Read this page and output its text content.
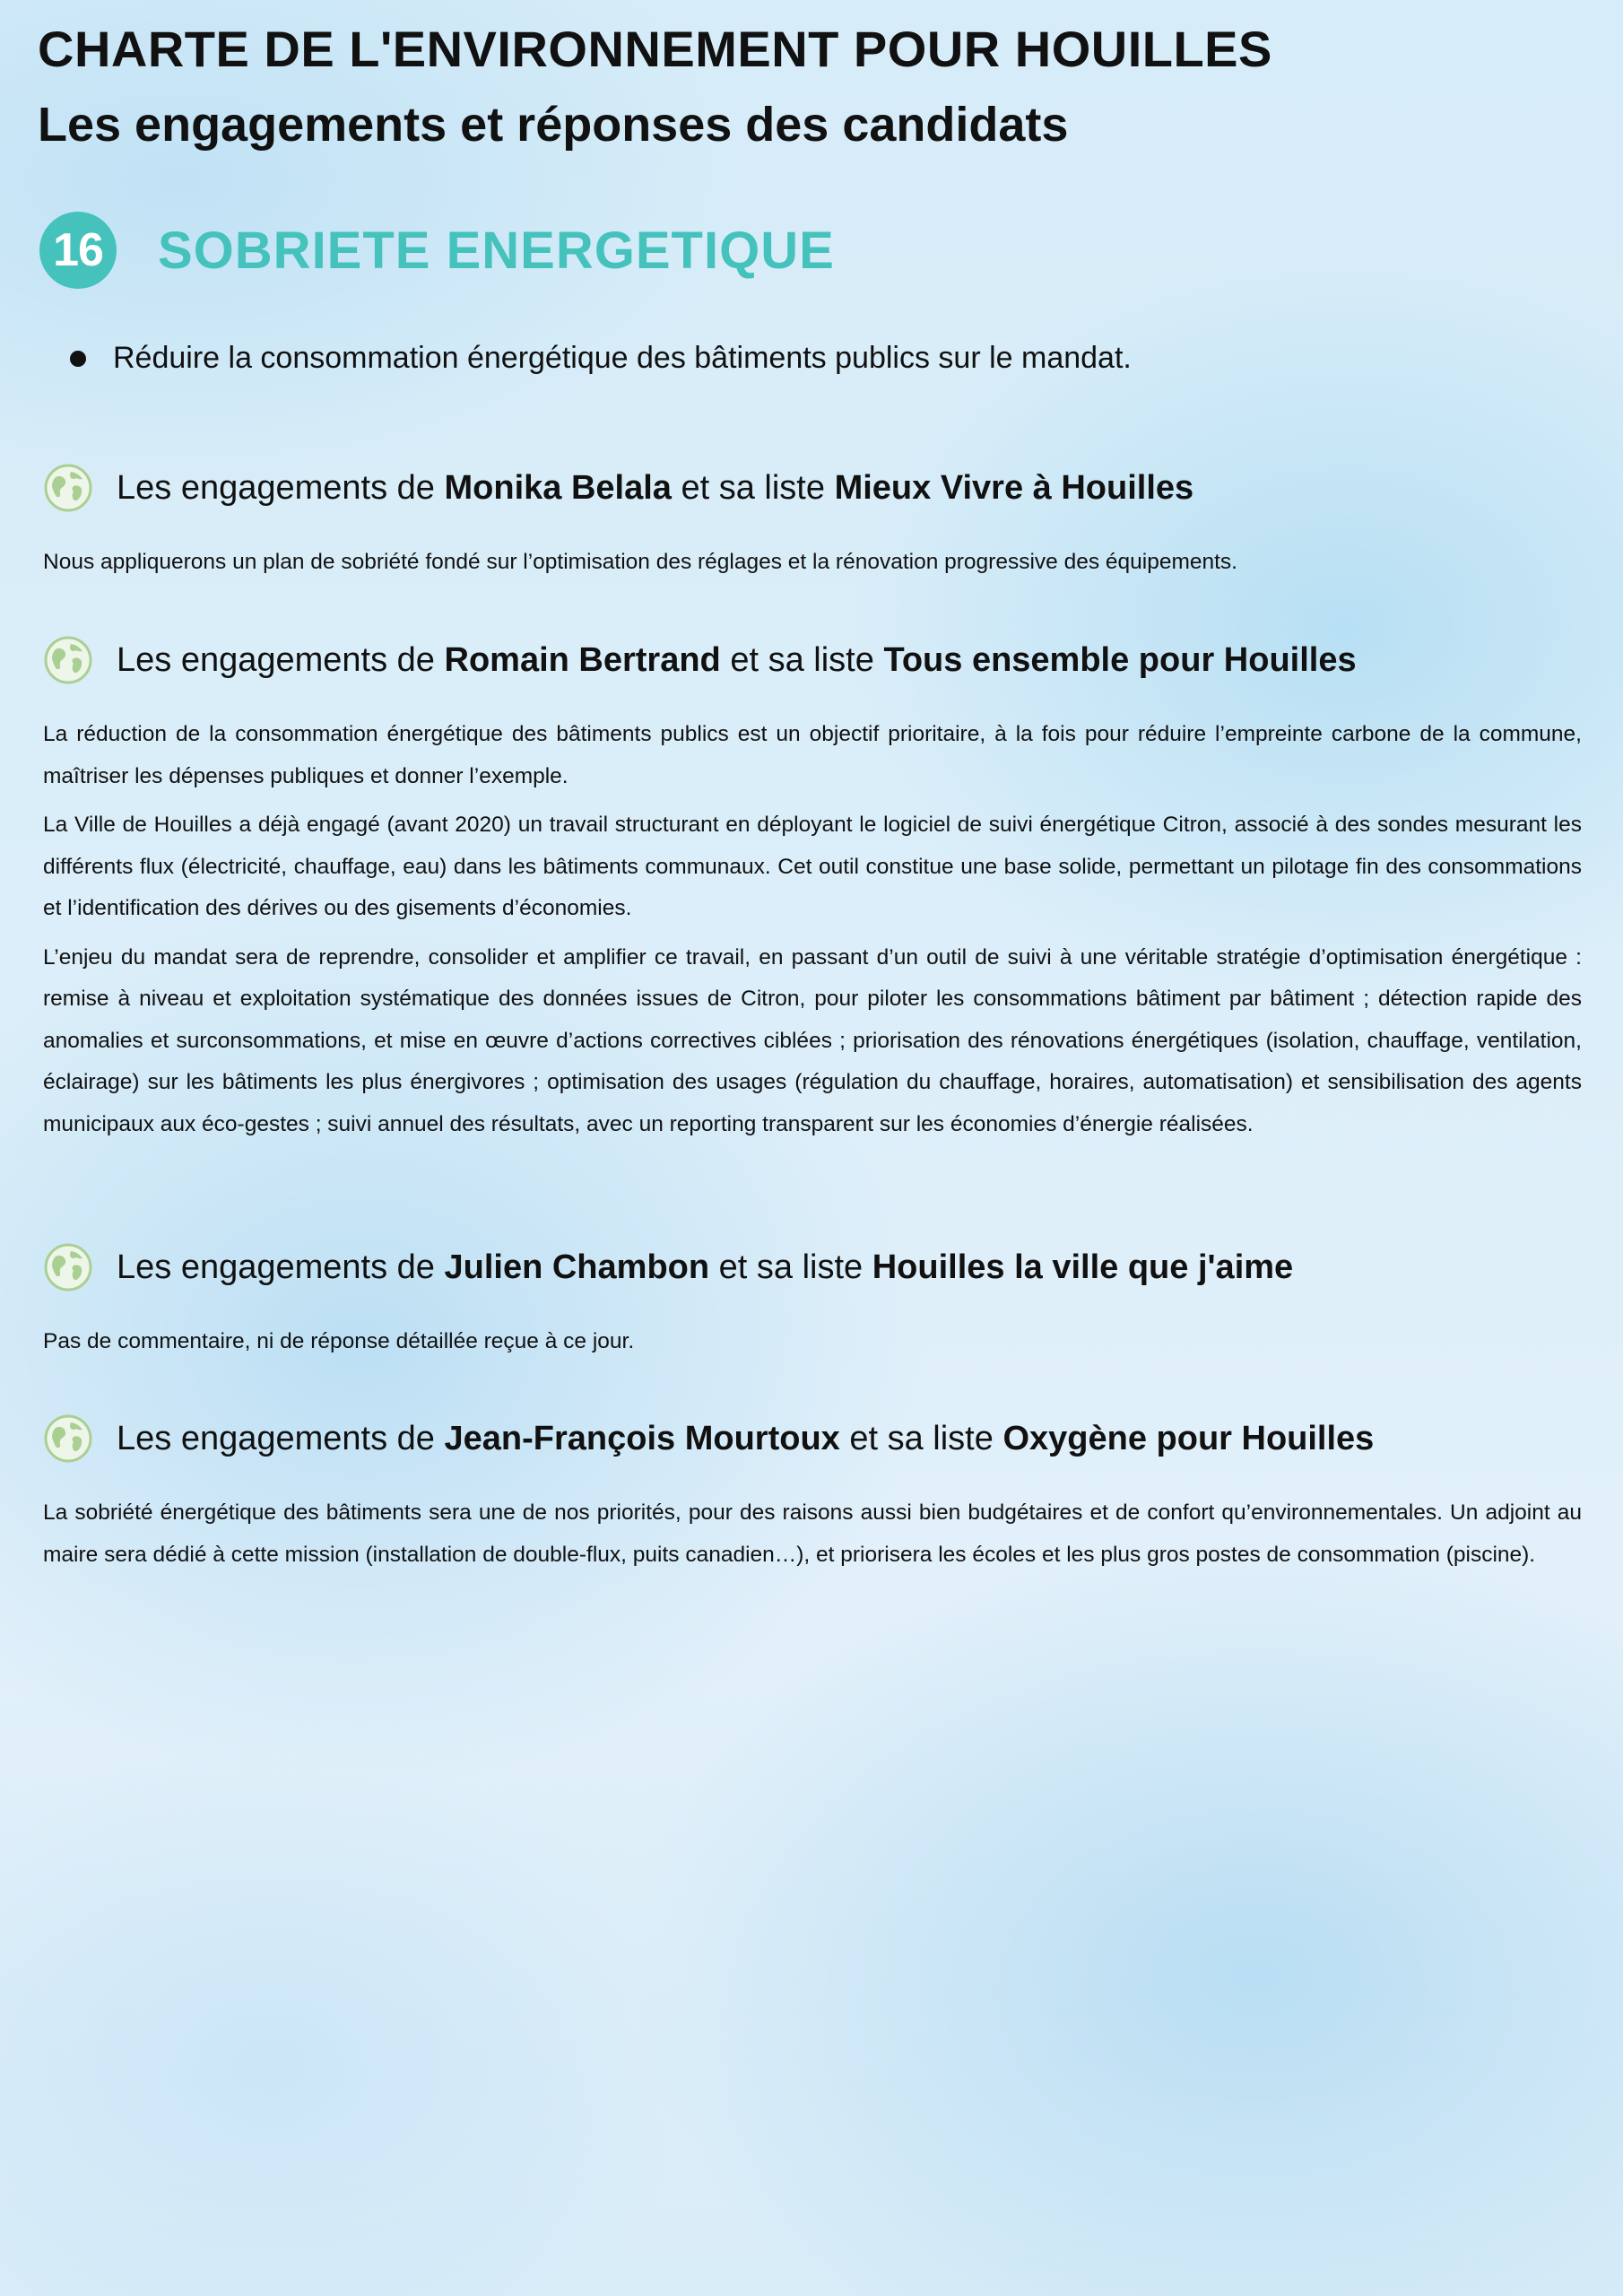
CHARTE DE L'ENVIRONNEMENT POUR HOUILLES
Les engagements et réponses des candidats
16 SOBRIETE ENERGETIQUE
Réduire la consommation énergétique des bâtiments publics sur le mandat.
Les engagements de Monika Belala et sa liste Mieux Vivre à Houilles

Nous appliquerons un plan de sobriété fondé sur l’optimisation des réglages et la rénovation progressive des équipements.

Les engagements de Romain Bertrand et sa liste Tous ensemble pour Houilles

La réduction de la consommation énergétique des bâtiments publics est un objectif prioritaire, à la fois pour réduire l’empreinte carbone de la commune, maîtriser les dépenses publiques et donner l’exemple.

La Ville de Houilles a déjà engagé (avant 2020) un travail structurant en déployant le logiciel de suivi énergétique Citron, associé à des sondes mesurant les différents flux (électricité, chauffage, eau) dans les bâtiments communaux. Cet outil constitue une base solide, permettant un pilotage fin des consommations et l’identification des dérives ou des gisements d’économies.

L’enjeu du mandat sera de reprendre, consolider et amplifier ce travail, en passant d’un outil de suivi à une véritable stratégie d’optimisation énergétique : remise à niveau et exploitation systématique des données issues de Citron, pour piloter les consommations bâtiment par bâtiment ; détection rapide des anomalies et surconsommations, et mise en œuvre d’actions correctives ciblées ; priorisation des rénovations énergétiques (isolation, chauffage, ventilation, éclairage) sur les bâtiments les plus énergivores ; optimisation des usages (régulation du chauffage, horaires, automatisation) et sensibilisation des agents municipaux aux éco-gestes ; suivi annuel des résultats, avec un reporting transparent sur les économies d’énergie réalisées.

Les engagements de Julien Chambon et sa liste Houilles la ville que j'aime

Pas de commentaire, ni de réponse détaillée reçue à ce jour.

Les engagements de Jean-François Mourtoux et sa liste Oxygène pour Houilles

La sobriété énergétique des bâtiments sera une de nos priorités, pour des raisons aussi bien budgétaires et de confort qu’environnementales. Un adjoint au maire sera dédié à cette mission (installation de double-flux, puits canadien…), et priorisera les écoles et les plus gros postes de consommation (piscine).
